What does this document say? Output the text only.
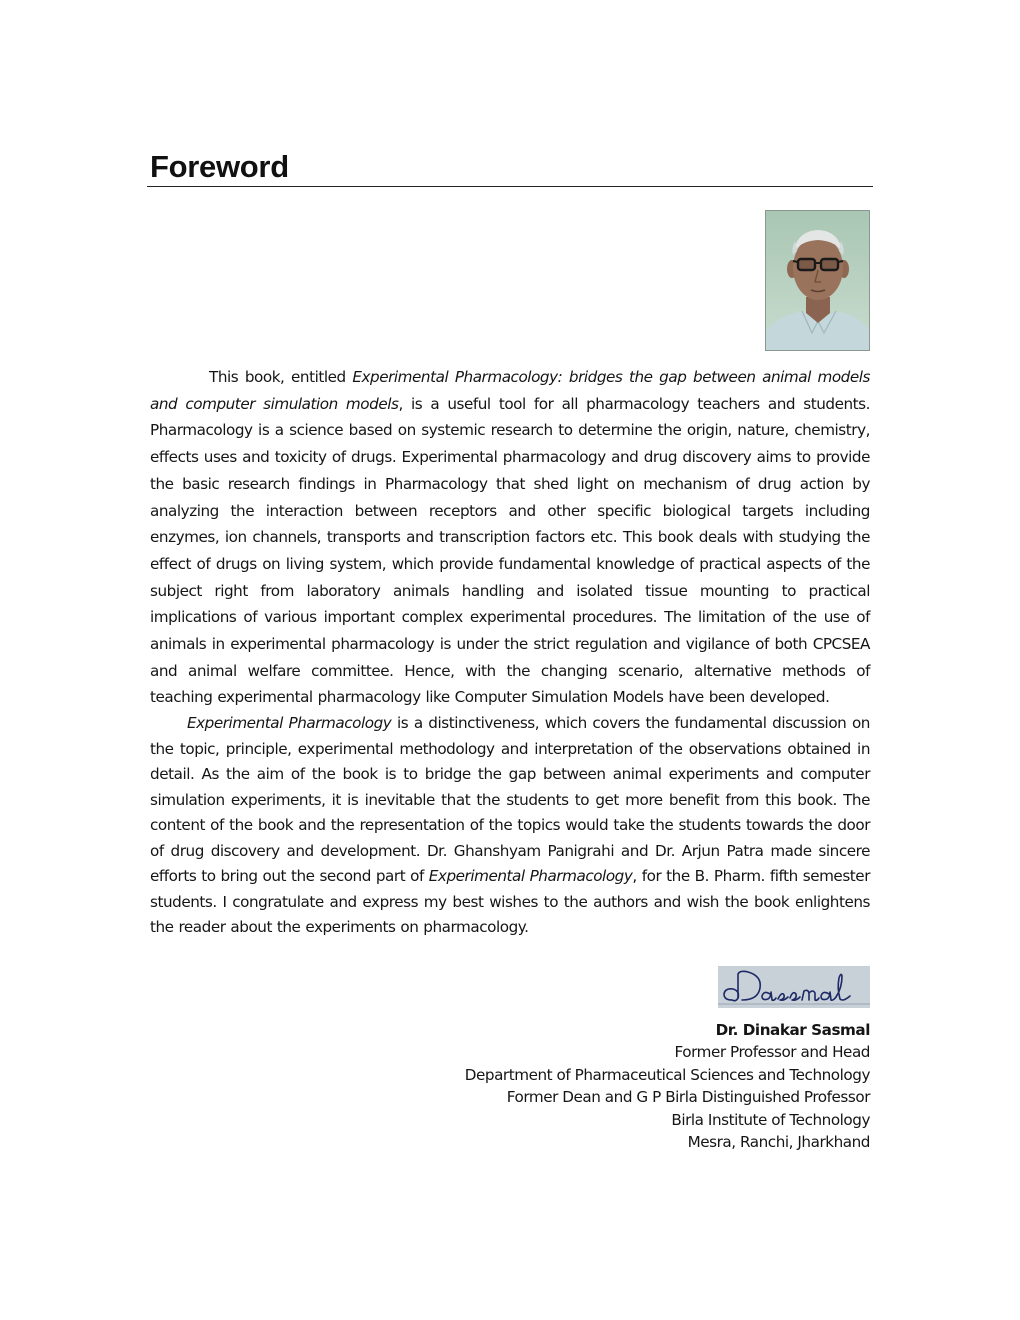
Foreword

This book, entitled Experimental Pharmacology: bridges the gap between animal models and computer simulation models, is a useful tool for all pharmacology teachers and students. Pharmacology is a science based on systemic research to determine the origin, nature, chemistry, effects uses and toxicity of drugs. Experimental pharmacology and drug discovery aims to provide the basic research findings in Pharmacology that shed light on mechanism of drug action by analyzing the interaction between receptors and other specific biological targets including enzymes, ion channels, transports and transcription factors etc. This book deals with studying the effect of drugs on living system, which provide fundamental knowledge of practical aspects of the subject right from laboratory animals handling and isolated tissue mounting to practical implications of various important complex experimental procedures. The limitation of the use of animals in experimental pharmacology is under the strict regulation and vigilance of both CPCSEA and animal welfare committee. Hence, with the changing scenario, alternative methods of teaching experimental pharmacology like Computer Simulation Models have been developed.

Experimental Pharmacology is a distinctiveness, which covers the fundamental discussion on the topic, principle, experimental methodology and interpretation of the observations obtained in detail. As the aim of the book is to bridge the gap between animal experiments and computer simulation experiments, it is inevitable that the students to get more benefit from this book. The content of the book and the representation of the topics would take the students towards the door of drug discovery and development. Dr. Ghanshyam Panigrahi and Dr. Arjun Patra made sincere efforts to bring out the second part of Experimental Pharmacology, for the B. Pharm. fifth semester students. I congratulate and express my best wishes to the authors and wish the book enlightens the reader about the experiments on pharmacology.

Dr. Dinakar Sasmal
Former Professor and Head
Department of Pharmaceutical Sciences and Technology
Former Dean and G P Birla Distinguished Professor
Birla Institute of Technology
Mesra, Ranchi, Jharkhand
